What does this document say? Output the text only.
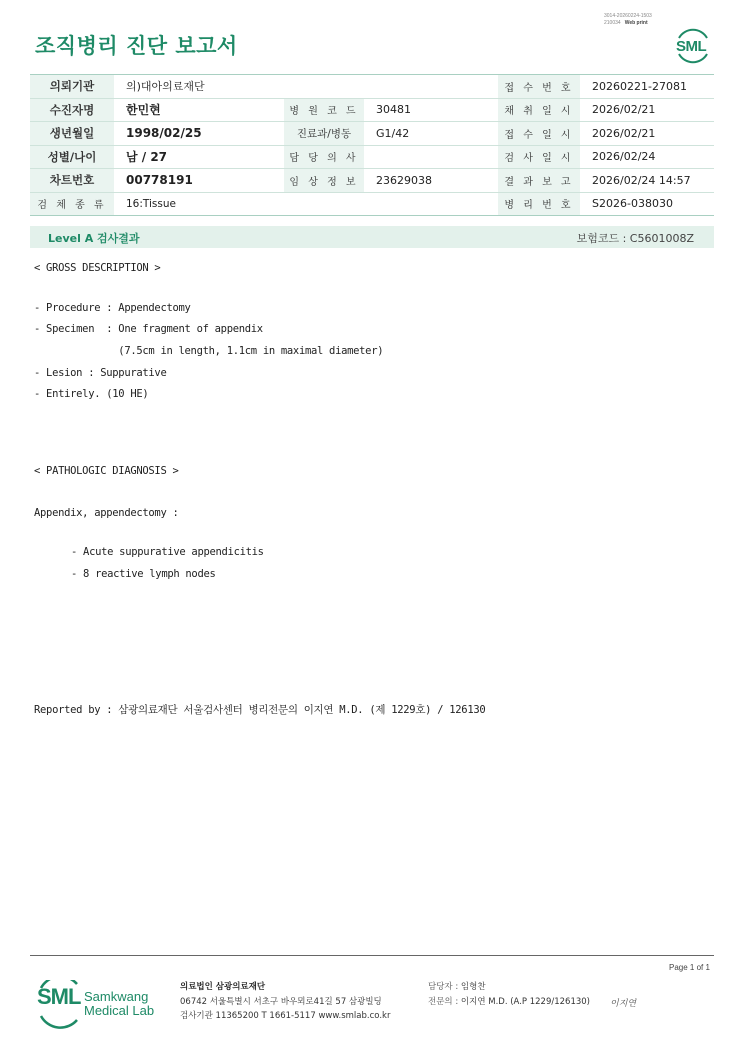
조직병리 진단 보고서
3014-20260224-1503
210034 Web print
SML
의뢰기관	의)대아의료재단			접 수 번 호	20260221-27081
수진자명	한민현	병 원 코 드	30481	채 취 일 시	2026/02/21
생년월일	1998/02/25	진료과/병동	G1/42	접 수 일 시	2026/02/21
성별/나이	남 / 27	담 당 의 사		검 사 일 시	2026/02/24
차트번호	00778191	임 상 정 보	23629038	결 과 보 고	2026/02/24 14:57
검 체 종 류	16:Tissue			병 리 번 호	S2026-038030
Level A 검사결과	보험코드 : C5601008Z
< GROSS DESCRIPTION >
- Procedure : Appendectomy
- Specimen  : One fragment of appendix
(7.5cm in length, 1.1cm in maximal diameter)
- Lesion : Suppurative
- Entirely. (10 HE)
< PATHOLOGIC DIAGNOSIS >
Appendix, appendectomy :
- Acute suppurative appendicitis
- 8 reactive lymph nodes
Reported by : 삼광의료재단 서울검사센터 병리전문의 이지연 M.D. (제 1229호) / 126130
Page 1 of 1
SML Samkwang
Medical Lab
의료법인 삼광의료재단
06742 서울특별시 서초구 바우뫼로41길 57 삼광빌딩
검사기관 11365200 T 1661-5117 www.smlab.co.kr
담당자 : 임형찬
전문의 : 이지연 M.D. (A.P 1229/126130) 이지연
